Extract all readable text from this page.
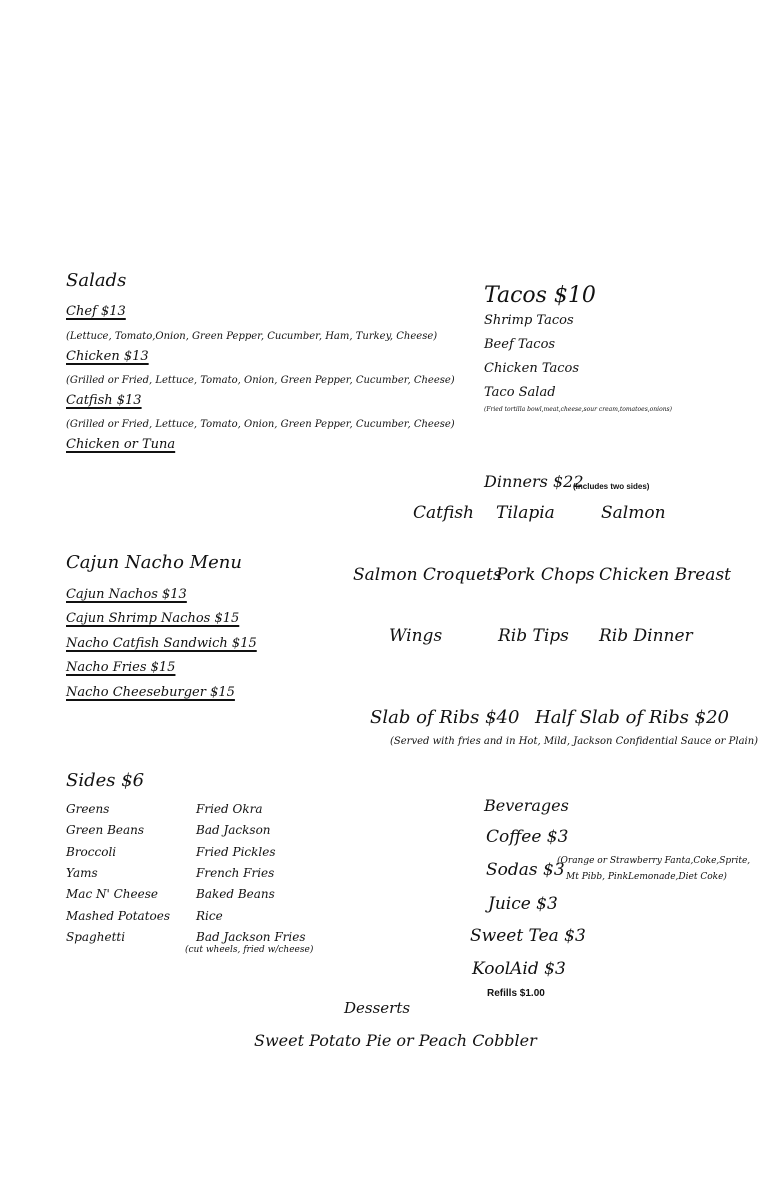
Salads
Chef $13
(Lettuce, Tomato,Onion, Green Pepper, Cucumber, Ham, Turkey, Cheese)
Chicken $13
(Grilled or Fried, Lettuce, Tomato, Onion, Green Pepper, Cucumber, Cheese)
Catfish $13
(Grilled or Fried, Lettuce, Tomato, Onion, Green Pepper, Cucumber, Cheese)
Chicken or Tuna
Tacos $10
Shrimp Tacos
Beef Tacos
Chicken Tacos
Taco Salad
(Fried tortilla bowl,meat,cheese,sour cream,tomatoes,onions)
Dinners $22
(Includes two sides)
Catfish Tilapia	Salmon
Salmon Croquets
Pork Chops Chicken Breast
Wings	Rib Tips Rib Dinner
Slab of Ribs $40 Half Slab of Ribs $20
(Served with fries and in Hot, Mild, Jackson Confidential Sauce or Plain)
Cajun Nacho Menu
Cajun Nachos $13
Cajun Shrimp Nachos $15
Nacho Catfish Sandwich $15
Nacho Fries $15
Nacho Cheeseburger $15
Sides $6
Greens
Green Beans
Broccoli
Yams
Mac N' Cheese
Mashed Potatoes
Spaghetti
Fried Okra
Bad Jackson
Fried Pickles
French Fries
Baked Beans
Rice
Bad Jackson Fries
(cut wheels, fried w/cheese)
Beverages
Coffee $3
Sodas $3
(Orange or Strawberry Fanta,Coke,Sprite,
Mt Pibb, PinkLemonade,Diet Coke)
Juice $3
Sweet Tea $3
KoolAid $3
Refills $1.00
Desserts
Sweet Potato Pie or Peach Cobbler
